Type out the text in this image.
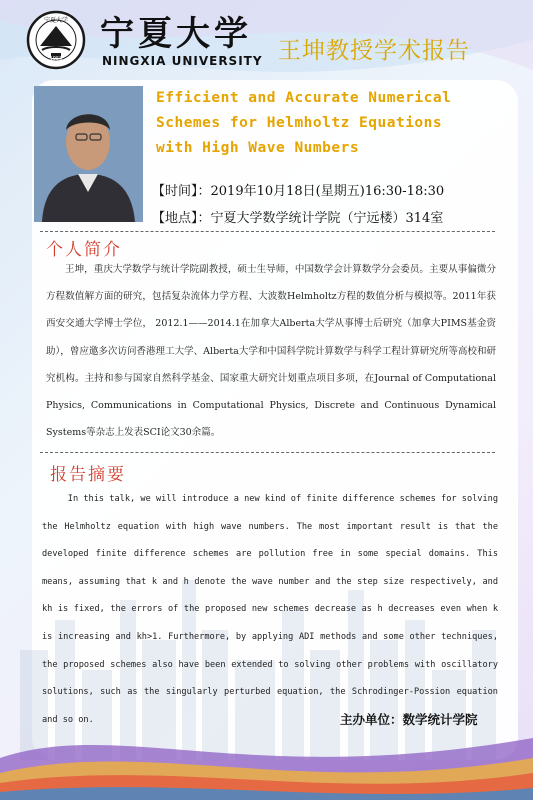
1958
宁夏大学 宁夏大学
NINGXIA UNIVERSITY 王坤教授学术报告
Efficient and Accurate Numerical
Schemes for Helmholtz Equations
with High Wave Numbers
【时间】：2019年10月18日(星期五)16:30-18:30
【地点】：宁夏大学数学统计学院（宁远楼）314室
个人简介

王坤，重庆大学数学与统计学院副教授，硕士生导师，中国数学会计算数学分会委员。主要从事偏微分方程数值解方面的研究，包括复杂流体力学方程、大波数Helmholtz方程的数值分析与模拟等。2011年获西安交通大学博士学位， 2012.1——2014.1在加拿大Alberta大学从事博士后研究（加拿大PIMS基金资助），曾应邀多次访问香港理工大学、Alberta大学和中国科学院计算数学与科学工程计算研究所等高校和研究机构。主持和参与国家自然科学基金、国家重大研究计划重点项目多项，在Journal of Computational Physics, Communications in Computational Physics, Discrete and Continuous Dynamical Systems等杂志上发表SCI论文30余篇。

报告摘要

In this talk, we will introduce a new kind of finite difference schemes for solving the Helmholtz equation with high wave numbers. The most important result is that the developed finite difference schemes are pollution free in some special domains. This means, assuming that k and h denote the wave number and the step size respectively, and kh is fixed, the errors of the proposed new schemes decrease as h decreases even when k is increasing and kh>1. Furthermore, by applying ADI methods and some other techniques, the proposed schemes also have been extended to solving other problems with oscillatory solutions, such as the singularly perturbed equation, the Schrodinger-Possion equation and so on.	主办单位：数学统计学院
